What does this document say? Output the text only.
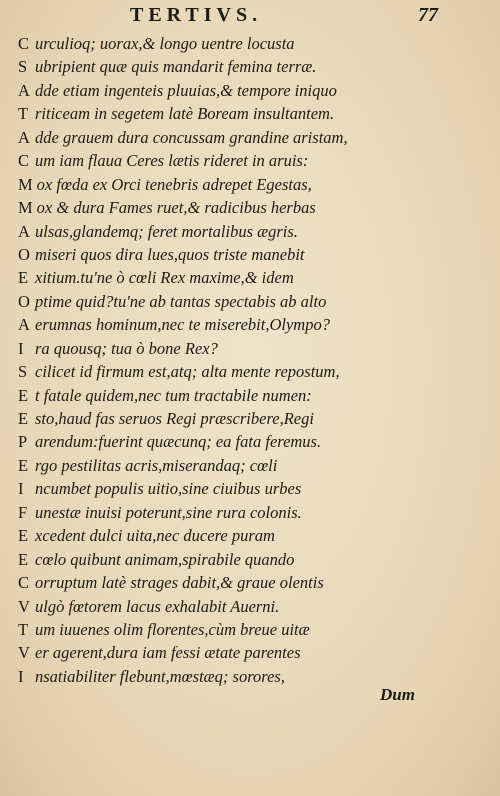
TERTIVS.	77
C urculioq; uorax,& longo uentre locusta
S ubripient quæ quis mandarit femina terræ.
A dde etiam ingenteis pluuias,& tempore iniquo
T riticeam in segetem latè Boream insultantem.
A dde grauem dura concussam grandine aristam,
C um iam flaua Ceres lætis rideret in aruis:
M ox fœda ex Orci tenebris adrepet Egestas,
M ox & dura Fames ruet,& radicibus herbas
A ulsas,glandemq; feret mortalibus ægris.
O miseri quos dira lues,quos triste manebit
E xitium.tu'ne ò cœli Rex maxime,& idem
O ptime quid?tu'ne ab tantas spectabis ab alto
A erumnas hominum,nec te miserebit,Olympo?
I ra quousq; tua ò bone Rex?
S cilicet id firmum est,atq; alta mente repostum,
E t fatale quidem,nec tum tractabile numen:
E sto,haud fas seruos Regi præscribere,Regi
P arendum:fuerint quæcunq; ea fata feremus.
E rgo pestilitas acris,miserandaq; cœli
I ncumbet populis uitio,sine ciuibus urbes
F unestæ inuisi poterunt,sine rura colonis.
E xcedent dulci uita,nec ducere puram
E cœlo quibunt animam,spirabile quando
C orruptum latè strages dabit,& graue olentis
V ulgò fœtorem lacus exhalabit Auerni.
T um iuuenes olim florentes,cùm breue uitæ
V er agerent,dura iam fessi ætate parentes
I nsatiabiliter flebunt,mœstæq; sorores,
Dum
